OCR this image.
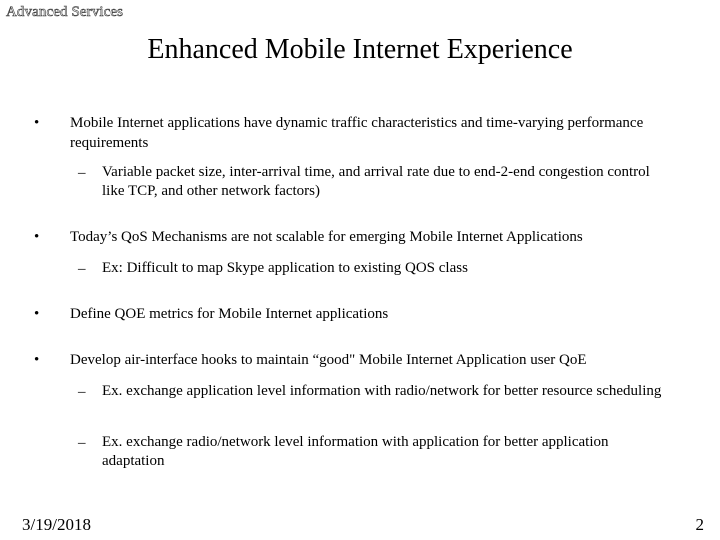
Advanced Services
Enhanced Mobile Internet Experience
• Mobile Internet applications have dynamic traffic characteristics and time-varying performance requirements
– Variable packet size, inter-arrival time, and arrival rate due to end-2-end congestion control like TCP, and other network factors)
• Today’s QoS Mechanisms are not scalable for emerging Mobile Internet Applications
– Ex: Difficult to map Skype application to existing QOS class
• Define QOE metrics for Mobile Internet applications
• Develop air-interface hooks to maintain “good" Mobile Internet Application user QoE
– Ex. exchange application level information with radio/network for better resource scheduling
– Ex. exchange radio/network level information with application for better application adaptation
3/19/2018	2
